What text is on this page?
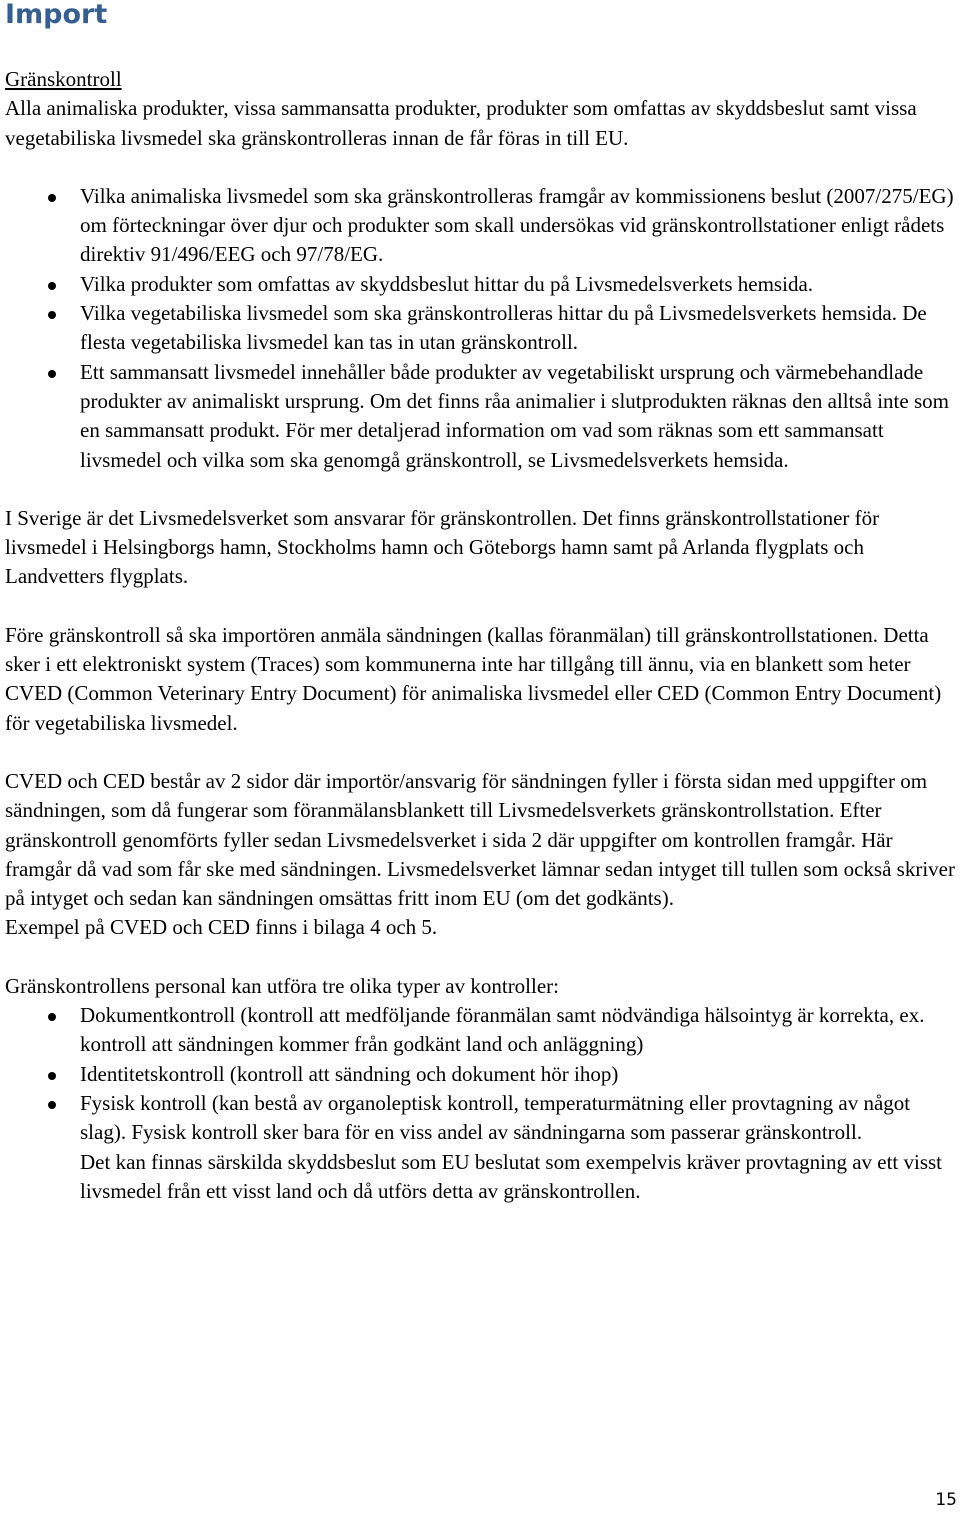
Import
Gränskontroll

Alla animaliska produkter, vissa sammansatta produkter, produkter som omfattas av skyddsbeslut samt vissa vegetabiliska livsmedel ska gränskontrolleras innan de får föras in till EU.

Vilka animaliska livsmedel som ska gränskontrolleras framgår av kommissionens beslut (2007/275/EG) om förteckningar över djur och produkter som skall undersökas vid gränskontrollstationer enligt rådets direktiv 91/496/EEG och 97/78/EG.
Vilka produkter som omfattas av skyddsbeslut hittar du på Livsmedelsverkets hemsida.
Vilka vegetabiliska livsmedel som ska gränskontrolleras hittar du på Livsmedelsverkets hemsida. De flesta vegetabiliska livsmedel kan tas in utan gränskontroll.
Ett sammansatt livsmedel innehåller både produkter av vegetabiliskt ursprung och värmebehandlade produkter av animaliskt ursprung. Om det finns råa animalier i slutprodukten räknas den alltså inte som en sammansatt produkt. För mer detaljerad information om vad som räknas som ett sammansatt livsmedel och vilka som ska genomgå gränskontroll, se Livsmedelsverkets hemsida.

I Sverige är det Livsmedelsverket som ansvarar för gränskontrollen. Det finns gränskontrollstationer för livsmedel i Helsingborgs hamn, Stockholms hamn och Göteborgs hamn samt på Arlanda flygplats och Landvetters flygplats.

Före gränskontroll så ska importören anmäla sändningen (kallas föranmälan) till gränskontrollstationen. Detta sker i ett elektroniskt system (Traces) som kommunerna inte har tillgång till ännu, via en blankett som heter CVED (Common Veterinary Entry Document) för animaliska livsmedel eller CED (Common Entry Document) för vegetabiliska livsmedel.

CVED och CED består av 2 sidor där importör/ansvarig för sändningen fyller i första sidan med uppgifter om sändningen, som då fungerar som föranmälansblankett till Livsmedelsverkets gränskontrollstation. Efter gränskontroll genomförts fyller sedan Livsmedelsverket i sida 2 där uppgifter om kontrollen framgår. Här framgår då vad som får ske med sändningen. Livsmedelsverket lämnar sedan intyget till tullen som också skriver på intyget och sedan kan sändningen omsättas fritt inom EU (om det godkänts).

Exempel på CVED och CED finns i bilaga 4 och 5.

Gränskontrollens personal kan utföra tre olika typer av kontroller:

Dokumentkontroll (kontroll att medföljande föranmälan samt nödvändiga hälsointyg är korrekta, ex. kontroll att sändningen kommer från godkänt land och anläggning)
Identitetskontroll (kontroll att sändning och dokument hör ihop)
Fysisk kontroll (kan bestå av organoleptisk kontroll, temperaturmätning eller provtagning av något slag). Fysisk kontroll sker bara för en viss andel av sändningarna som passerar gränskontroll.

Det kan finnas särskilda skyddsbeslut som EU beslutat som exempelvis kräver provtagning av ett visst livsmedel från ett visst land och då utförs detta av gränskontrollen.

15
